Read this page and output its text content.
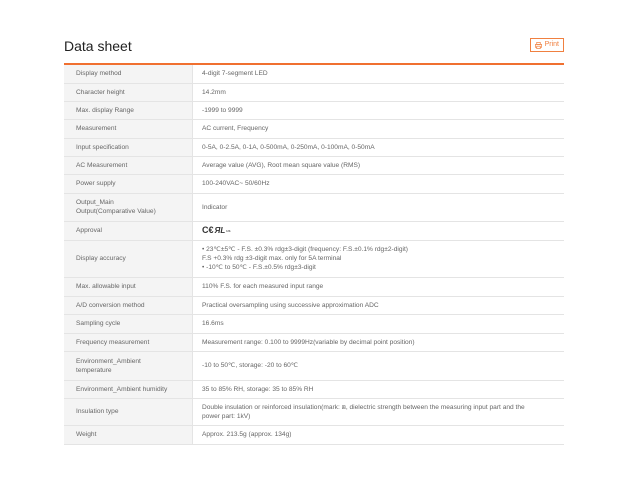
Data sheet	Print
Display method	4-digit 7-segment LED

Character height	14.2mm

Max. display Range	-1999 to 9999

Measurement	AC current, Frequency

Input specification	0-5A, 0-2.5A, 0-1A, 0-500mA, 0-250mA, 0-100mA, 0-50mA

AC Measurement	Average value (AVG), Root mean square value (RMS)

Power supply	100-240VAC~ 50/60Hz

Output_Main
Output(Comparative Value)	Indicator

Approval	C€ ЯL us

Display accuracy	• 23℃±5℃ - F.S. ±0.3% rdg±3-digit (frequency: F.S.±0.1% rdg±2-digit)
F.S +0.3% rdg ±3-digit max. only for 5A terminal
• -10℃ to 50℃ - F.S.±0.5% rdg±3-digit

Max. allowable input	110% F.S. for each measured input range

A/D conversion method	Practical oversampling using successive approximation ADC

Sampling cycle	16.6ms

Frequency measurement	Measurement range: 0.100 to 9999Hz(variable by decimal point position)

Environment_Ambient
temperature	-10 to 50℃, storage: -20 to 60℃

Environment_Ambient humidity	35 to 85% RH, storage: 35 to 85% RH

Insulation type	Double insulation or reinforced insulation(mark: ⧈, dielectric strength between the measuring input part and the
power part: 1kV)

Weight	Approx. 213.5g (approx. 134g)
